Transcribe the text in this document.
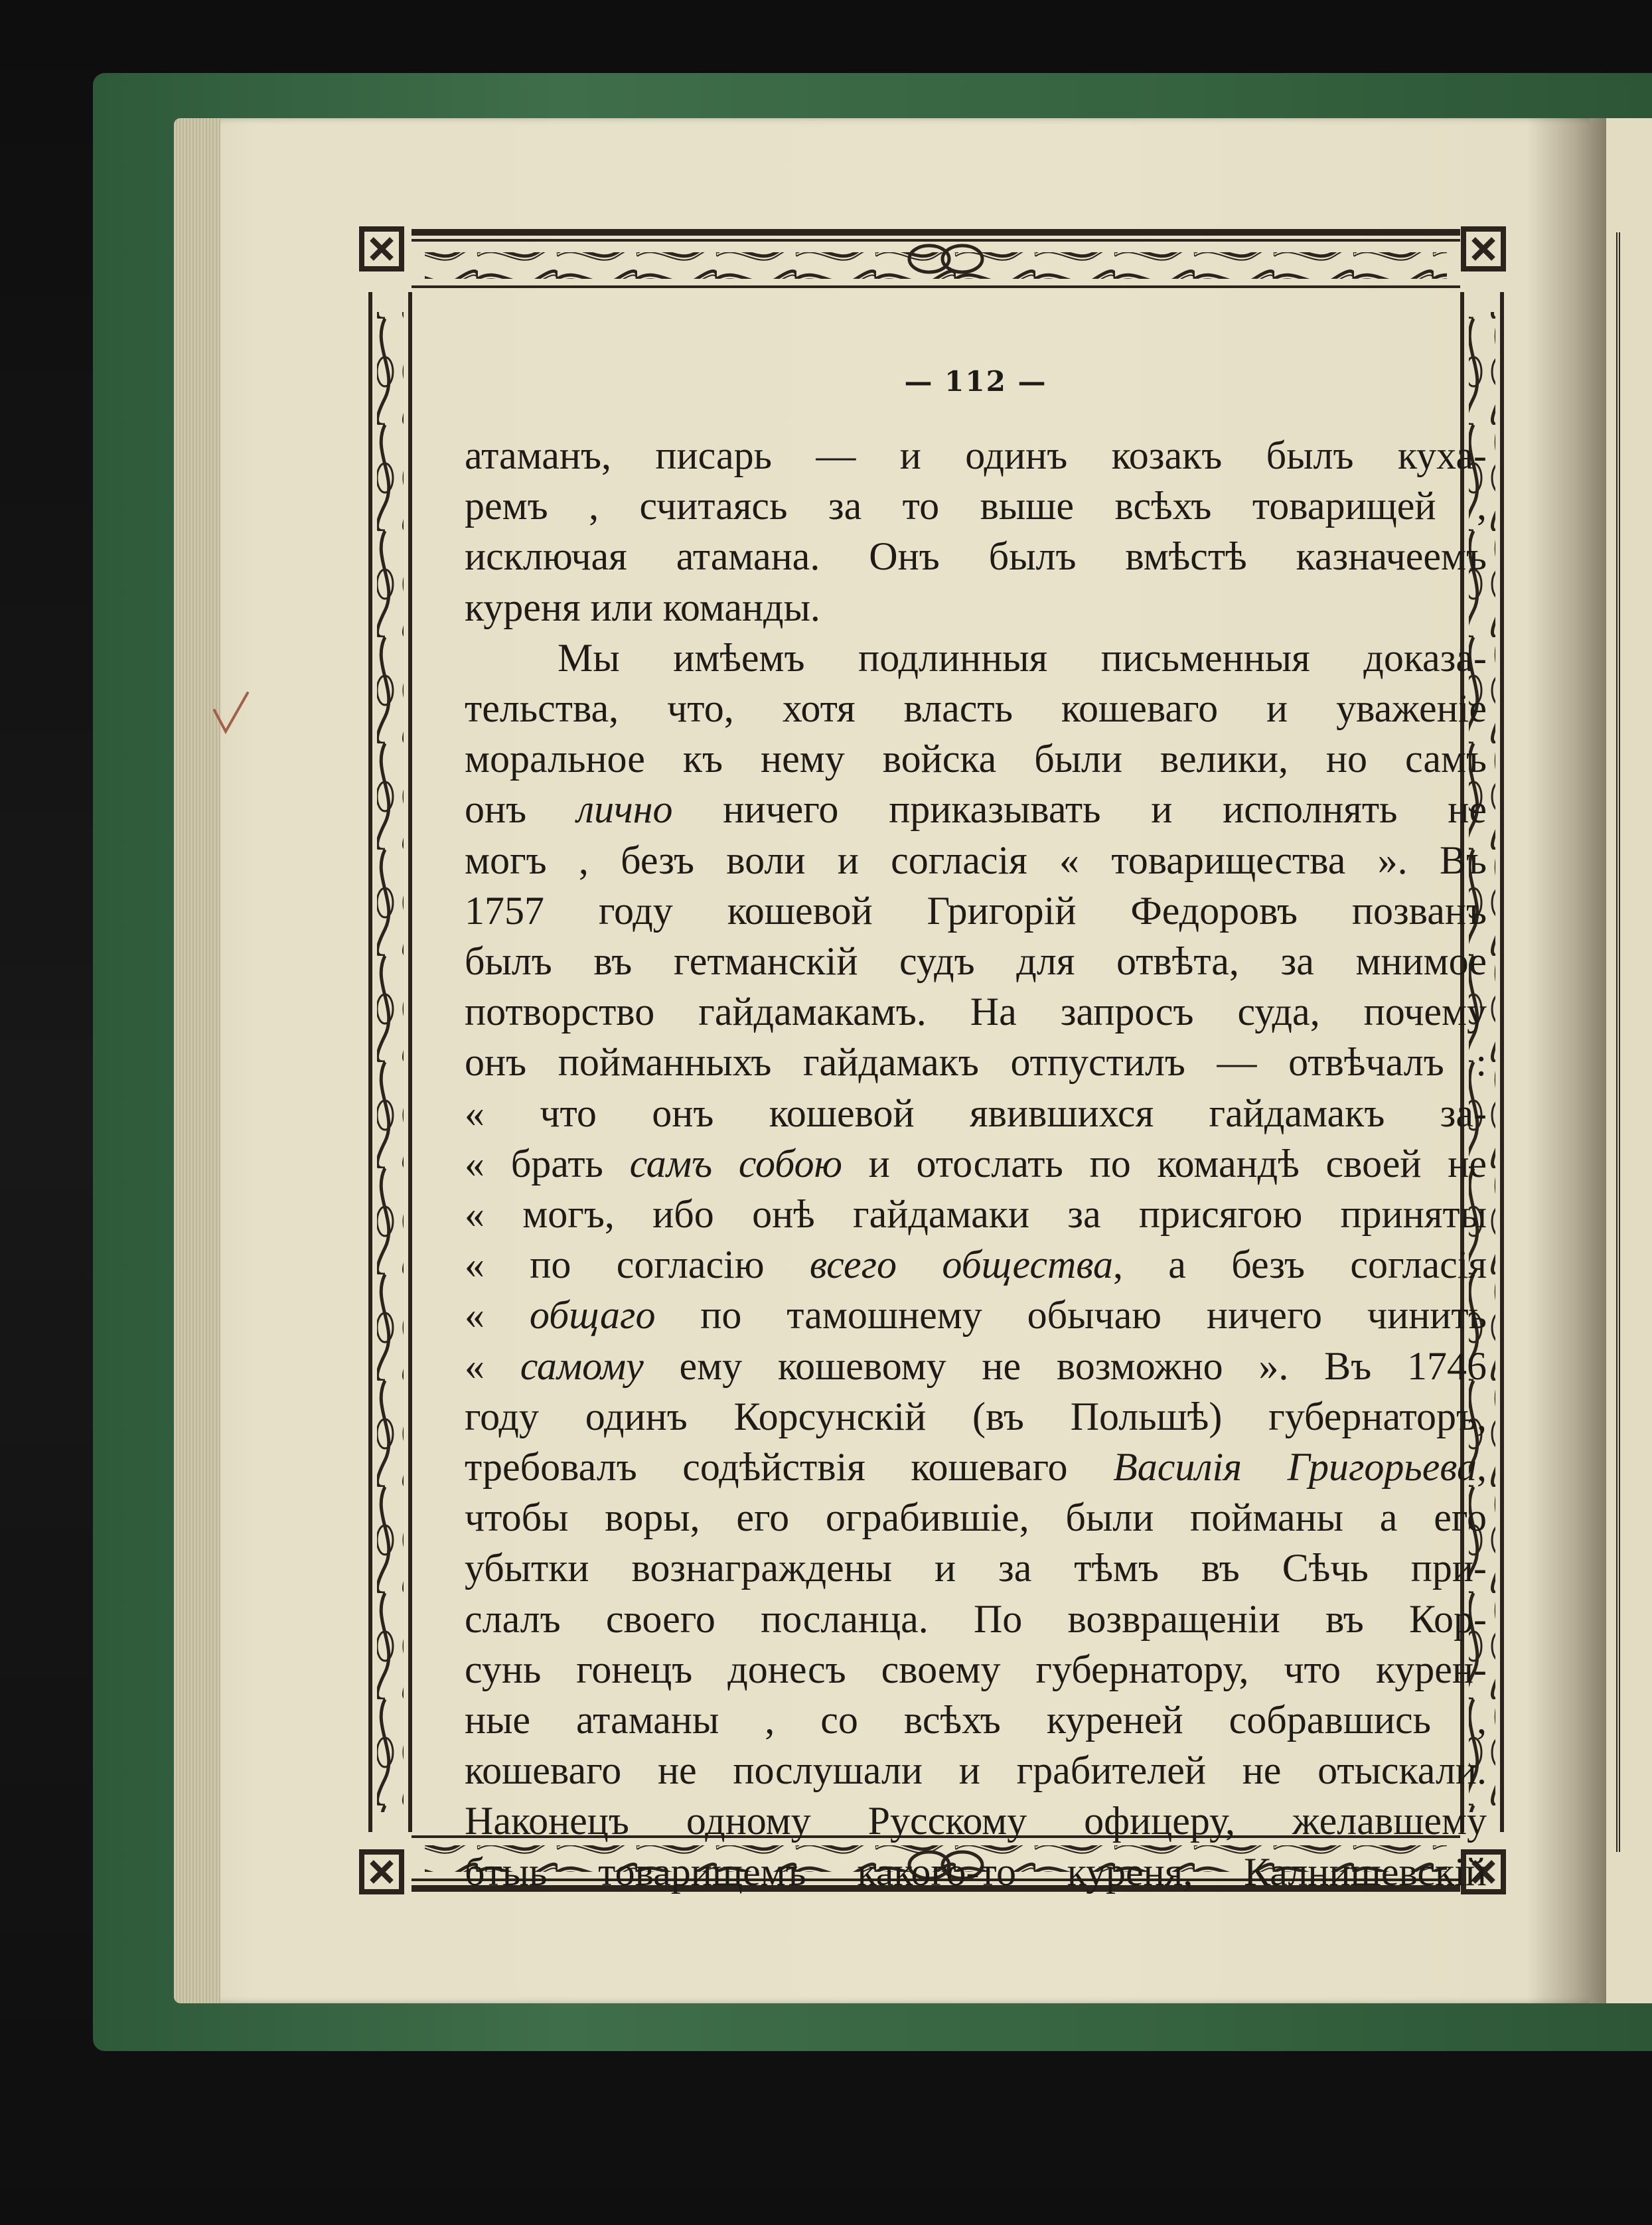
— 112 —
атаманъ, писарь — и одинъ козакъ былъ куха-
ремъ , считаясь за то выше всѣхъ товарищей ,
исключая атамана. Онъ былъ вмѣстѣ казначеемъ
куреня или команды.
Мы имѣемъ подлинныя письменныя доказа-
тельства, что, хотя власть кошеваго и уваженіе
моральное къ нему войска были велики, но самъ
онъ лично ничего приказывать и исполнять не
могъ , безъ воли и согласія « товарищества ». Въ
1757 году кошевой Григорій Федоровъ позванъ
былъ въ гетманскій судъ для отвѣта, за мнимое
потворство гайдамакамъ. На запросъ суда, почему
онъ пойманныхъ гайдамакъ отпустилъ — отвѣчалъ :
« что онъ кошевой явившихся гайдамакъ за-
« брать самъ собою и отослать по командѣ своей не
« могъ, ибо онѣ гайдамаки за присягою приняты
« по согласію всего общества, а безъ согласія
« общаго по тамошнему обычаю ничего чинить
« самому ему кошевому не возможно ». Въ 1746
году одинъ Корсунскій (въ Польшѣ) губернаторъ,
требовалъ содѣйствія кошеваго Василія Григорьева,
чтобы воры, его ограбившіе, были пойманы а его
убытки вознаграждены и за тѣмъ въ Сѣчь при-
слалъ своего посланца. По возвращеніи въ Кор-
сунь гонецъ донесъ своему губернатору, что курен-
ные атаманы , со всѣхъ куреней собравшись ,
кошеваго не послушали и грабителей не отыскали.
Наконецъ одному Русскому офицеру, желавшему
бтыь товарищемъ какого-то куреня, Калнишевскій
